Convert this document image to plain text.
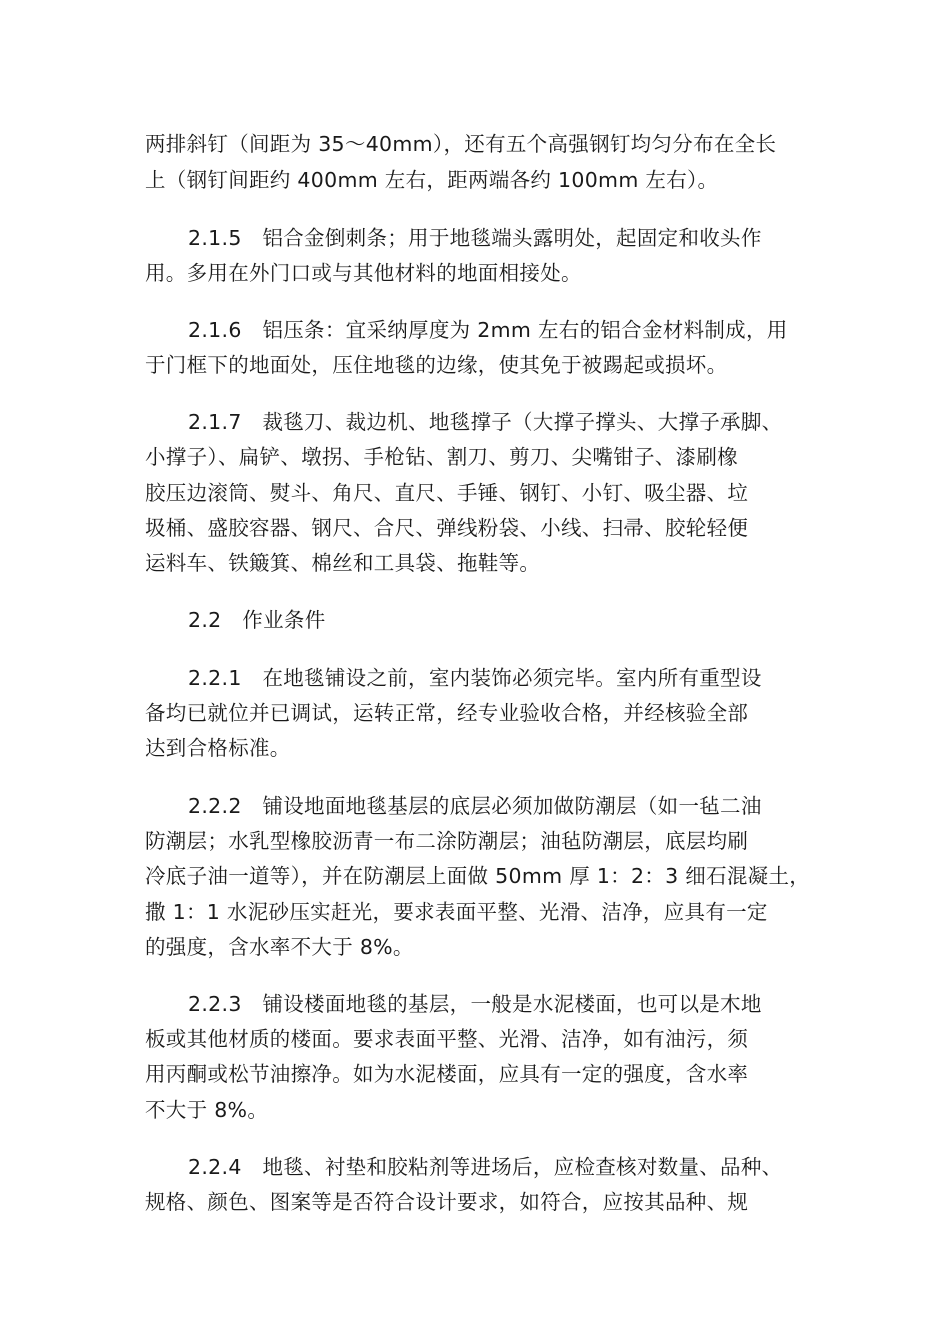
两排斜钉（间距为 35～40mm），还有五个高强钢钉均匀分布在全长

上（钢钉间距约 400mm 左右，距两端各约 100mm 左右）。

2.1.5　铝合金倒刺条；用于地毯端头露明处，起固定和收头作

用。多用在外门口或与其他材料的地面相接处。

2.1.6　铝压条：宜采纳厚度为 2mm 左右的铝合金材料制成，用

于门框下的地面处，压住地毯的边缘，使其免于被踢起或损坏。

2.1.7　裁毯刀、裁边机、地毯撑子（大撑子撑头、大撑子承脚、

小撑子）、扁铲、墩拐、手枪钻、割刀、剪刀、尖嘴钳子、漆刷橡

胶压边滚筒、熨斗、角尺、直尺、手锤、钢钉、小钉、吸尘器、垃

圾桶、盛胶容器、钢尺、合尺、弹线粉袋、小线、扫帚、胶轮轻便

运料车、铁簸箕、棉丝和工具袋、拖鞋等。

2.2　作业条件

2.2.1　在地毯铺设之前，室内装饰必须完毕。室内所有重型设

备均已就位并已调试，运转正常，经专业验收合格，并经核验全部

达到合格标准。

2.2.2　铺设地面地毯基层的底层必须加做防潮层（如一毡二油

防潮层；水乳型橡胶沥青一布二涂防潮层；油毡防潮层，底层均刷

冷底子油一道等），并在防潮层上面做 50mm 厚 1：2：3 细石混凝土，

撒 1：1 水泥砂压实赶光，要求表面平整、光滑、洁净，应具有一定

的强度，含水率不大于 8%。

2.2.3　铺设楼面地毯的基层，一般是水泥楼面，也可以是木地

板或其他材质的楼面。要求表面平整、光滑、洁净，如有油污，须

用丙酮或松节油擦净。如为水泥楼面，应具有一定的强度，含水率

不大于 8%。

2.2.4　地毯、衬垫和胶粘剂等进场后，应检查核对数量、品种、

规格、颜色、图案等是否符合设计要求，如符合，应按其品种、规
